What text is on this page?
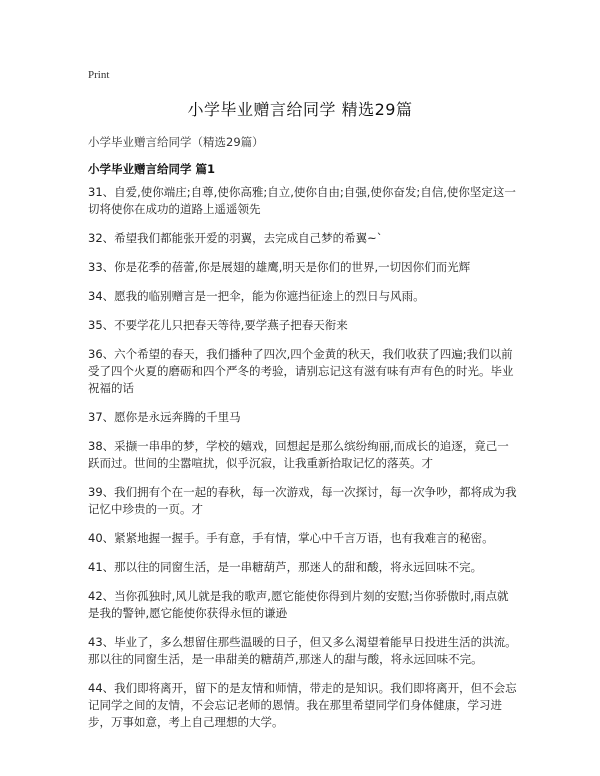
Print
小学毕业赠言给同学 精选29篇
小学毕业赠言给同学（精选29篇）
小学毕业赠言给同学 篇1

31、自爱,使你端庄;自尊,使你高雅;自立,使你自由;自强,使你奋发;自信,使你坚定这一切将使你在成功的道路上遥遥领先

32、希望我们都能张开爱的羽翼，去完成自己梦的希翼~`

33、你是花季的蓓蕾,你是展翅的雄鹰,明天是你们的世界,一切因你们而光辉

34、愿我的临别赠言是一把伞，能为你遮挡征途上的烈日与风雨。

35、不要学花儿只把春天等待,要学燕子把春天衔来

36、六个希望的春天，我们播种了四次,四个金黄的秋天，我们收获了四遍;我们以前受了四个火夏的磨砺和四个严冬的考验，请别忘记这有滋有味有声有色的时光。毕业祝福的话

37、愿你是永远奔腾的千里马

38、采撷一串串的梦，学校的嬉戏，回想起是那么缤纷绚丽,而成长的追逐，竟己一跃而过。世间的尘嚣喧扰，似乎沉寂，让我重新拾取记忆的落英。才

39、我们拥有个在一起的春秋，每一次游戏，每一次探讨，每一次争吵，都将成为我记忆中珍贵的一页。才

40、紧紧地握一握手。手有意，手有情，掌心中千言万语，也有我难言的秘密。

41、那以往的同窗生活，是一串糖葫芦，那迷人的甜和酸，将永远回味不完。

42、当你孤独时,风儿就是我的歌声,愿它能使你得到片刻的安慰;当你骄傲时,雨点就是我的警钟,愿它能使你获得永恒的谦逊

43、毕业了，多么想留住那些温暖的日子，但又多么渴望着能早日投进生活的洪流。那以往的同窗生活，是一串甜美的糖葫芦,那迷人的甜与酸，将永远回味不完。

44、我们即将离开，留下的是友情和师情，带走的是知识。我们即将离开，但不会忘记同学之间的友情，不会忘记老师的恩情。我在那里希望同学们身体健康，学习进步，万事如意，考上自己理想的大学。
